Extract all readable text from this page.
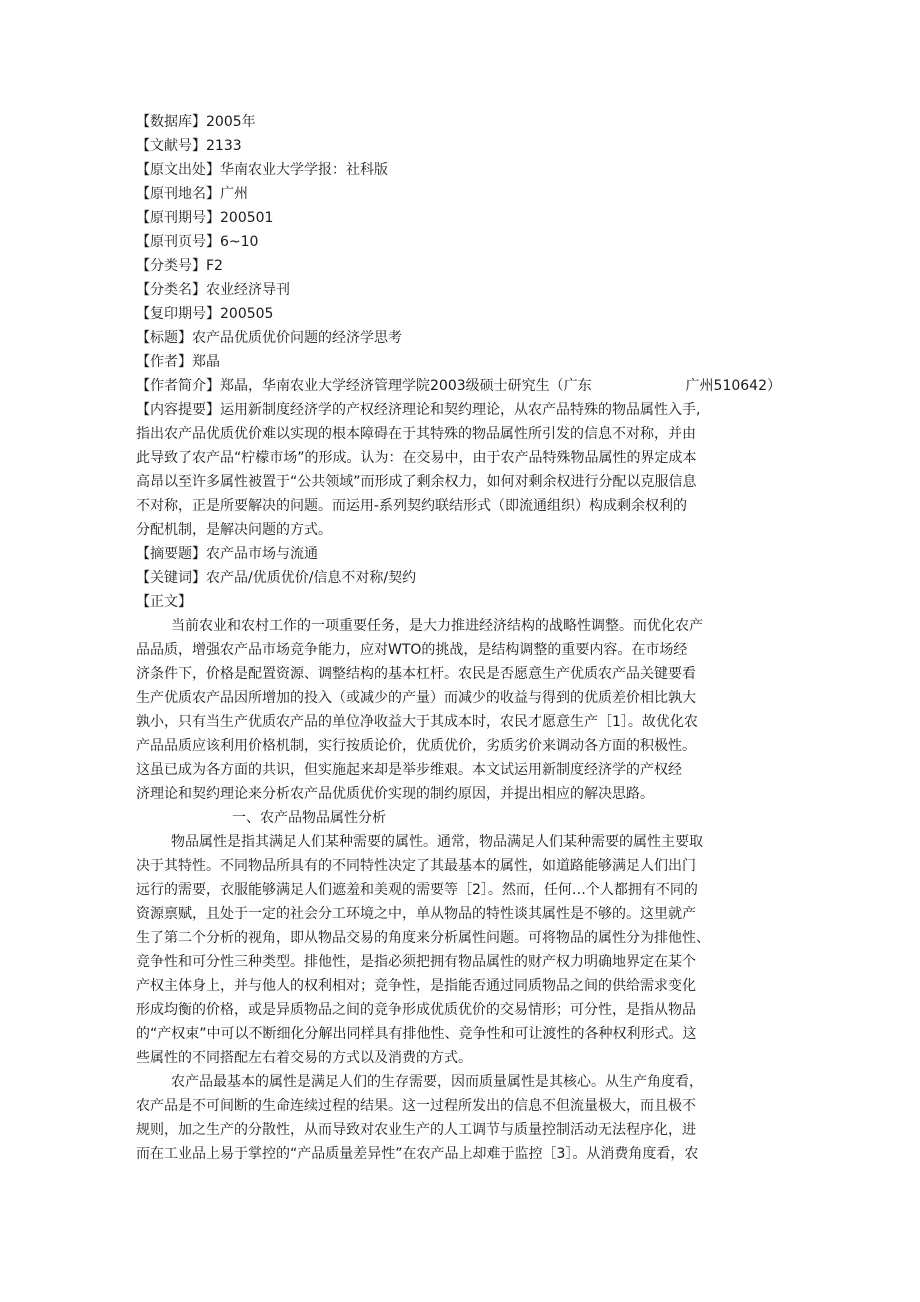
【数据库】2005年
【文献号】2133
【原文出处】华南农业大学学报：社科版
【原刊地名】广州
【原刊期号】200501
【原刊页号】6~10
【分类号】F2
【分类名】农业经济导刊
【复印期号】200505
【标题】农产品优质优价问题的经济学思考
【作者】郑晶
【作者简介】郑晶，华南农业大学经济管理学院2003级硕士研究生（广东	广州510642）
【内容提要】运用新制度经济学的产权经济理论和契约理论，从农产品特殊的物品属性入手,
指出农产品优质优价难以实现的根本障碍在于其特殊的物品属性所引发的信息不对称，并由
此导致了农产品“柠檬市场”的形成。认为：在交易中，由于农产品特殊物品属性的界定成本
高昂以至许多属性被置于“公共领域”而形成了剩余权力，如何对剩余权进行分配以克服信息
不对称，正是所要解决的问题。而运用-系列契约联结形式（即流通组织）构成剩余权利的
分配机制，是解决问题的方式。
【摘要题】农产品市场与流通
【关键词】农产品/优质优价/信息不对称/契约
【正文】
当前农业和农村工作的一项重要任务，是大力推进经济结构的战略性调整。而优化农产
品品质，增强农产品市场竞争能力，应对WTO的挑战，是结构调整的重要内容。在市场经
济条件下，价格是配置资源、调整结构的基本杠杆。农民是否愿意生产优质农产品关键要看
生产优质农产品因所增加的投入（或减少的产量）而减少的收益与得到的优质差价相比孰大
孰小，只有当生产优质农产品的单位净收益大于其成本时，农民才愿意生产［1］。故优化农
产品品质应该利用价格机制，实行按质论价，优质优价，劣质劣价来调动各方面的积极性。
这虽已成为各方面的共识，但实施起来却是举步维艰。本文试运用新制度经济学的产权经
济理论和契约理论来分析农产品优质优价实现的制约原因，并提出相应的解决思路。
一、农产品物品属性分析
物品属性是指其满足人们某种需要的属性。通常，物品满足人们某种需要的属性主要取
决于其特性。不同物品所具有的不同特性决定了其最基本的属性，如道路能够满足人们出门
远行的需要，衣服能够满足人们遮羞和美观的需要等［2］。然而，任何…个人都拥有不同的
资源禀赋，且处于一定的社会分工环境之中，单从物品的特性谈其属性是不够的。这里就产
生了第二个分析的视角，即从物品交易的角度来分析属性问题。可将物品的属性分为排他性、
竞争性和可分性三种类型。排他性，是指必须把拥有物品属性的财产权力明确地界定在某个
产权主体身上，并与他人的权利相对；竞争性，是指能否通过同质物品之间的供给需求变化
形成均衡的价格，或是异质物品之间的竞争形成优质优价的交易情形；可分性，是指从物品
的“产权束”中可以不断细化分解出同样具有排他性、竞争性和可让渡性的各种权利形式。这
些属性的不同搭配左右着交易的方式以及消费的方式。
农产品最基本的属性是满足人们的生存需要，因而质量属性是其核心。从生产角度看，
农产品是不可间断的生命连续过程的结果。这一过程所发出的信息不但流量极大，而且极不
规则，加之生产的分散性，从而导致对农业生产的人工调节与质量控制活动无法程序化，进
而在工业品上易于掌控的“产品质量差异性”在农产品上却难于监控［3］。从消费角度看，农
